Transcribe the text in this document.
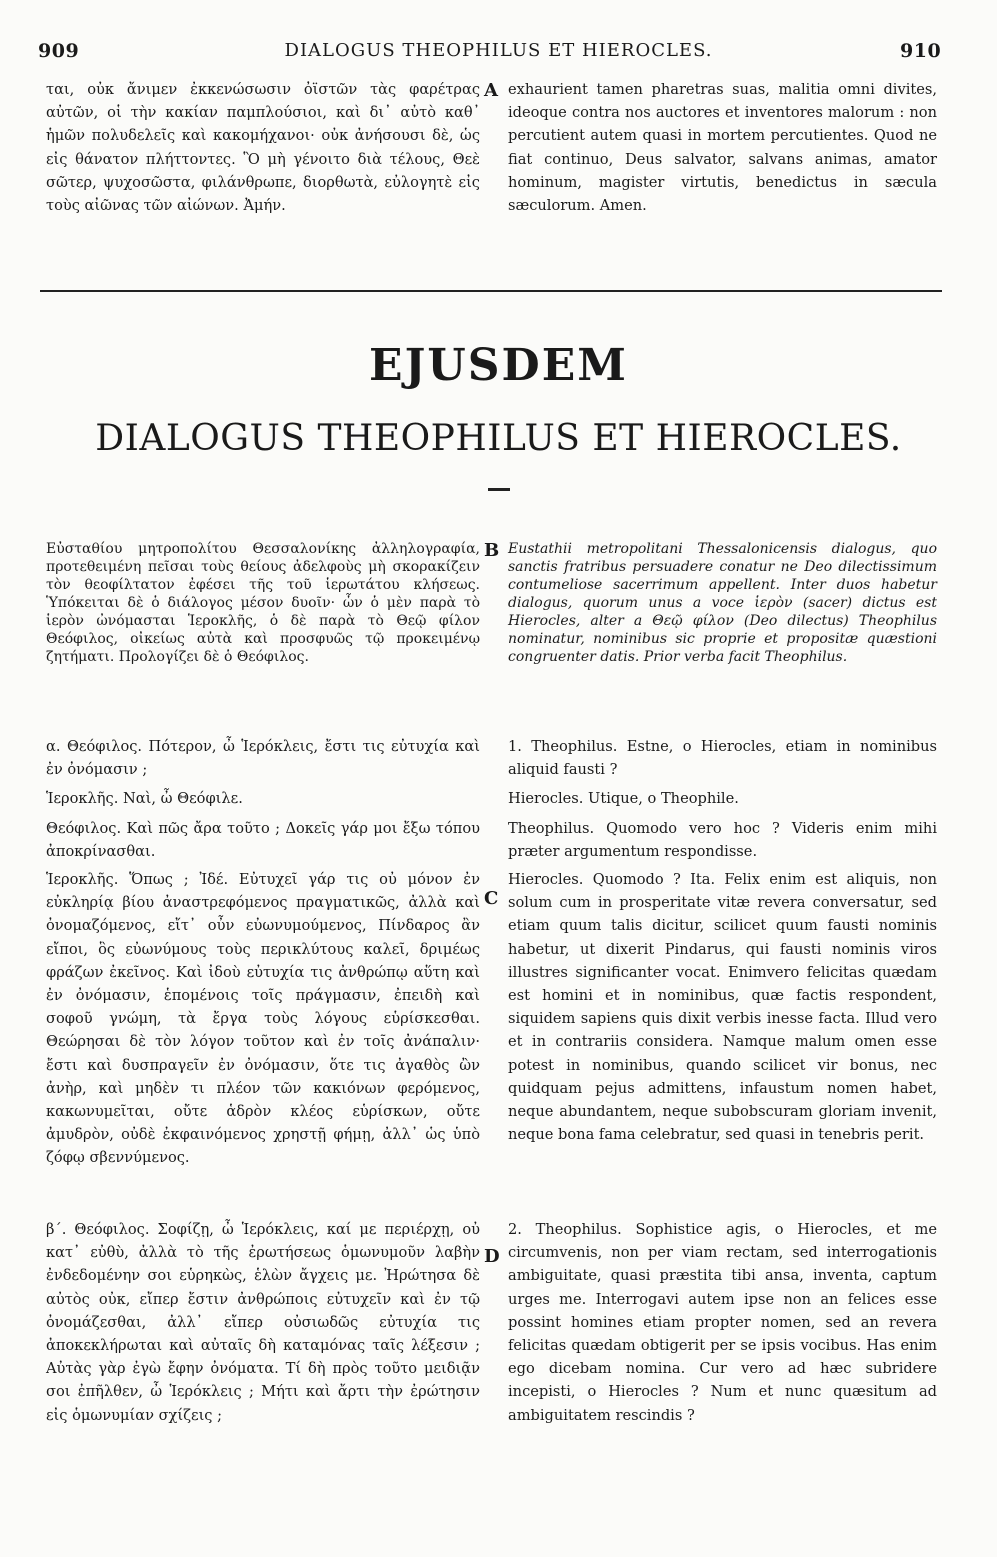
909	DIALOGUS THEOPHILUS ET HIEROCLES.	910
ται, οὐκ ἄνιμεν ἐκκενώσωσιν ὀϊστῶν τὰς φαρέτρας αὐτῶν, οἱ τὴν κακίαν παμπλούσιοι, καὶ δι᾽ αὐτὸ καθ᾽ ἡμῶν πολυδελεῖς καὶ κακομήχανοι· οὐκ ἀνήσουσι δὲ, ὡς εἰς θάνατον πλήττοντες. Ὃ μὴ γένοιτο διὰ τέλους, Θεὲ σῶτερ, ψυχοσῶστα, φιλάνθρωπε, διορθωτὰ, εὐλογητὲ εἰς τοὺς αἰῶνας τῶν αἰώνων. Ἀμήν.
A exhaurient tamen pharetras suas, malitia omni divites, ideoque contra nos auctores et inventores malorum : non percutient autem quasi in mortem percutientes. Quod ne fiat continuo, Deus salvator, salvans animas, amator hominum, magister virtutis, benedictus in sæcula sæculorum. Amen.
EJUSDEM
DIALOGUS THEOPHILUS ET HIEROCLES.
Εὐσταθίου μητροπολίτου Θεσσαλονίκης ἀλληλογραφία, προτεθειμένη πεῖσαι τοὺς θείους ἀδελφοὺς μὴ σκορακίζειν τὸν θεοφίλτατον ἐφέσει τῆς τοῦ ἱερωτάτου κλήσεως. Ὑπόκειται δὲ ὁ διάλογος μέσον δυοῖν· ὧν ὁ μὲν παρὰ τὸ ἱερὸν ὠνόμασται Ἱεροκλῆς, ὁ δὲ παρὰ τὸ Θεῷ φίλον Θεόφιλος, οἰκείως αὐτὰ καὶ προσφυῶς τῷ προκειμένῳ ζητήματι. Προλογίζει δὲ ὁ Θεόφιλος.
B Eustathii metropolitani Thessalonicensis dialogus, quo sanctis fratribus persuadere conatur ne Deo dilectissimum contumeliose sacerrimum appellent. Inter duos habetur dialogus, quorum unus a voce ἱερὸν (sacer) dictus est Hierocles, alter a Θεῷ φίλον (Deo dilectus) Theophilus nominatur, nominibus sic proprie et propositæ quæstioni congruenter datis. Prior verba facit Theophilus.

α. Θεόφιλος. Πότερον, ὦ Ἱερόκλεις, ἔστι τις εὐτυχία καὶ ἐν ὀνόμασιν ;

Ἱεροκλῆς. Ναὶ, ὦ Θεόφιλε.

Θεόφιλος. Καὶ πῶς ἄρα τοῦτο ; Δοκεῖς γάρ μοι ἔξω τόπου ἀποκρίνασθαι.

1. Theophilus. Estne, o Hierocles, etiam in nominibus aliquid fausti ?

Hierocles. Utique, o Theophile.

Theophilus. Quomodo vero hoc ? Videris enim mihi præter argumentum respondisse.

Ἱεροκλῆς. Ὅπως ; Ἰδέ. Εὐτυχεῖ γάρ τις οὐ μόνον ἐν εὐκληρίᾳ βίου ἀναστρεφόμενος πραγματικῶς, ἀλλὰ καὶ ὀνομαζόμενος, εἴτ᾽ οὖν εὐωνυμούμενος, Πίνδαρος ἂν εἴποι, ὃς εὐωνύμους τοὺς περικλύτους καλεῖ, δριμέως φράζων ἐκεῖνος. Καὶ ἰδοὺ εὐτυχία τις ἀνθρώπῳ αὕτη καὶ ἐν ὀνόμασιν, ἑπομένοις τοῖς πράγμασιν, ἐπειδὴ καὶ σοφοῦ γνώμη, τὰ ἔργα τοὺς λόγους εὑρίσκεσθαι. Θεώρησαι δὲ τὸν λόγον τοῦτον καὶ ἐν τοῖς ἀνάπαλιν· ἔστι καὶ δυσπραγεῖν ἐν ὀνόμασιν, ὅτε τις ἀγαθὸς ὢν ἀνὴρ, καὶ μηδὲν τι πλέον τῶν κακιόνων φερόμενος, κακωνυμεῖται, οὔτε ἁδρὸν κλέος εὑρίσκων, οὔτε ἀμυδρὸν, οὐδὲ ἐκφαινόμενος χρηστῇ φήμῃ, ἀλλ᾽ ὡς ὑπὸ ζόφῳ σβεννύμενος.
C
Hierocles. Quomodo ? Ita. Felix enim est aliquis, non solum cum in prosperitate vitæ revera conversatur, sed etiam quum talis dicitur, scilicet quum fausti nominis habetur, ut dixerit Pindarus, qui fausti nominis viros illustres significanter vocat. Enimvero felicitas quædam est homini et in nominibus, quæ factis respondent, siquidem sapiens quis dixit verbis inesse facta. Illud vero et in contrariis considera. Namque malum omen esse potest in nominibus, quando scilicet vir bonus, nec quidquam pejus admittens, infaustum nomen habet, neque abundantem, neque subobscuram gloriam invenit, neque bona fama celebratur, sed quasi in tenebris perit.
β΄. Θεόφιλος. Σοφίζῃ, ὦ Ἱερόκλεις, καί με περιέρχῃ, οὐ κατ᾽ εὐθὺ, ἀλλὰ τὸ τῆς ἐρωτήσεως ὁμωνυμοῦν λαβὴν ἐνδεδομένην σοι εὑρηκὼς, ἑλὼν ἄγχεις με. Ἠρώτησα δὲ αὐτὸς οὐκ, εἴπερ ἔστιν ἀνθρώποις εὐτυχεῖν καὶ ἐν τῷ ὀνομάζεσθαι, ἀλλ᾽ εἴπερ οὐσιωδῶς εὐτυχία τις ἀποκεκλήρωται καὶ αὐταῖς δὴ καταμόνας ταῖς λέξεσιν ; Αὐτὰς γὰρ ἐγὼ ἔφην ὀνόματα. Τί δὴ πρὸς τοῦτο μειδιᾷν σοι ἐπῆλθεν, ὦ Ἱερόκλεις ; Μήτι καὶ ἄρτι τὴν ἐρώτησιν εἰς ὁμωνυμίαν σχίζεις ;
D
2. Theophilus. Sophistice agis, o Hierocles, et me circumvenis, non per viam rectam, sed interrogationis ambiguitate, quasi præstita tibi ansa, inventa, captum urges me. Interrogavi autem ipse non an felices esse possint homines etiam propter nomen, sed an revera felicitas quædam obtigerit per se ipsis vocibus. Has enim ego dicebam nomina. Cur vero ad hæc subridere incepisti, o Hierocles ? Num et nunc quæsitum ad ambiguitatem rescindis ?
